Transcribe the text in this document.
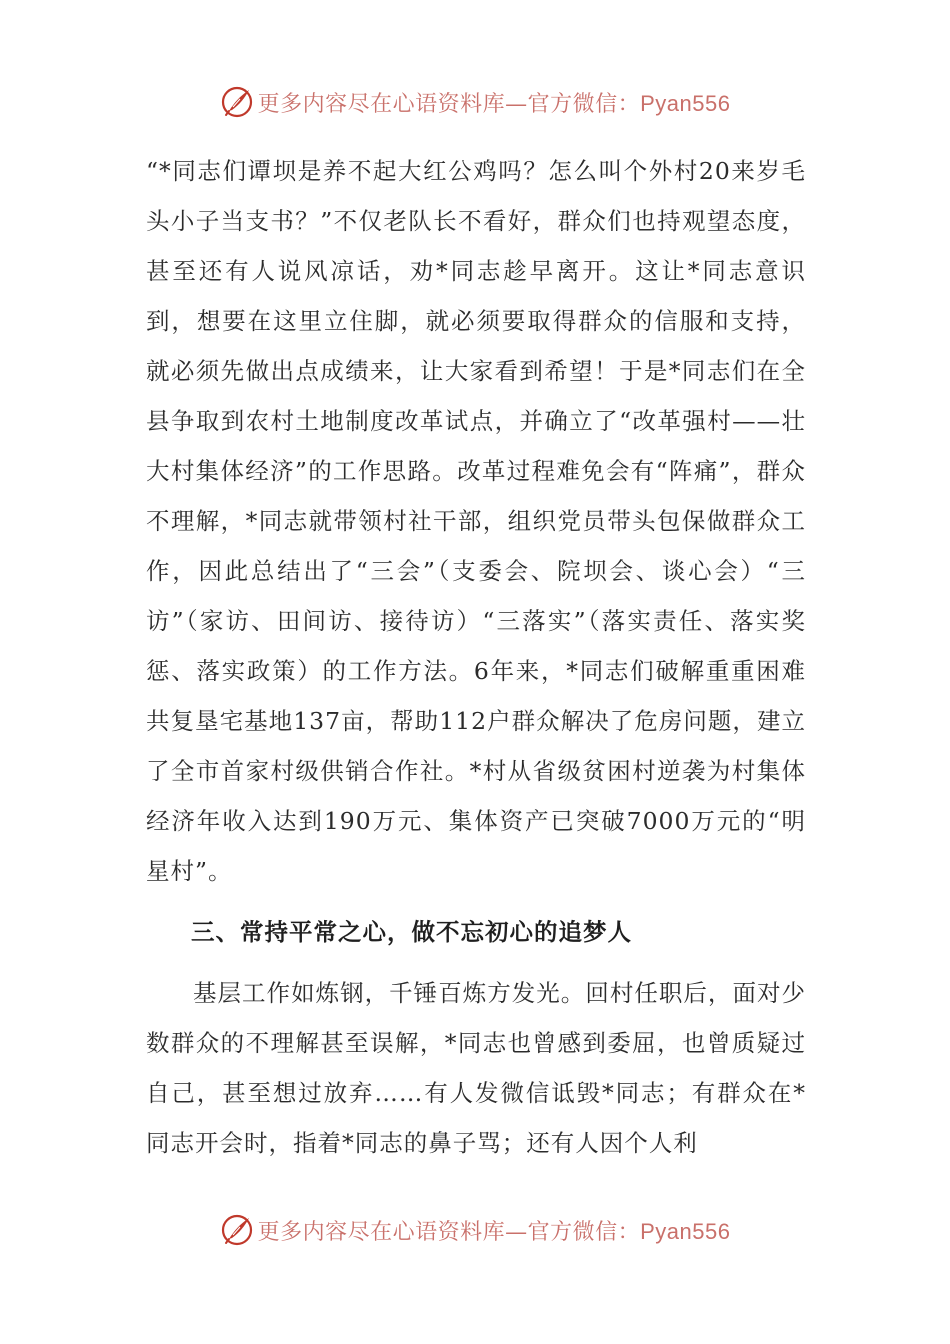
更多内容尽在心语资料库—官方微信：Pyan556

“*同志们谭坝是养不起大红公鸡吗？怎么叫个外村20来岁毛头小子当支书？”不仅老队长不看好，群众们也持观望态度，甚至还有人说风凉话，劝*同志趁早离开。这让*同志意识到，想要在这里立住脚，就必须要取得群众的信服和支持，就必须先做出点成绩来，让大家看到希望！于是*同志们在全县争取到农村土地制度改革试点，并确立了“改革强村——壮大村集体经济”的工作思路。改革过程难免会有“阵痛”，群众不理解，*同志就带领村社干部，组织党员带头包保做群众工作，因此总结出了“三会”（支委会、院坝会、谈心会）“三访”（家访、田间访、接待访）“三落实”（落实责任、落实奖惩、落实政策）的工作方法。6年来，*同志们破解重重困难共复垦宅基地137亩，帮助112户群众解决了危房问题，建立了全市首家村级供销合作社。*村从省级贫困村逆袭为村集体经济年收入达到190万元、集体资产已突破7000万元的“明星村”。

三、常持平常之心，做不忘初心的追梦人

基层工作如炼钢，千锤百炼方发光。回村任职后，面对少数群众的不理解甚至误解，*同志也曾感到委屈，也曾质疑过自己，甚至想过放弃……有人发微信诋毁*同志；有群众在*同志开会时，指着*同志的鼻子骂；还有人因个人利

更多内容尽在心语资料库—官方微信：Pyan556
